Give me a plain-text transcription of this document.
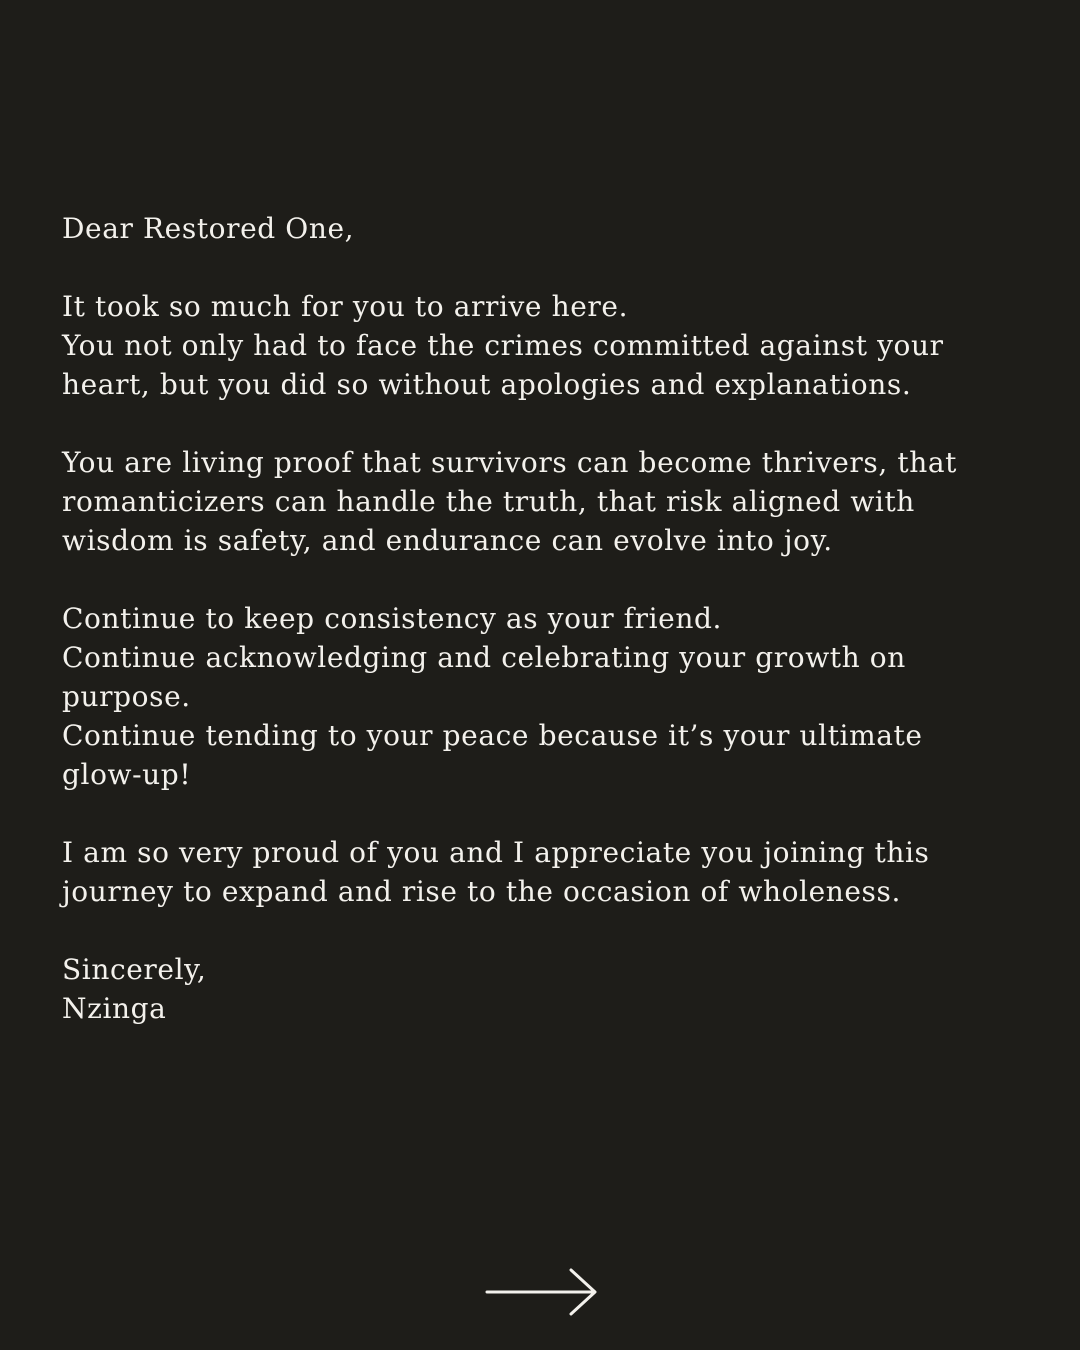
Dear Restored One,
It took so much for you to arrive here.
You not only had to face the crimes committed against your
heart, but you did so without apologies and explanations.
You are living proof that survivors can become thrivers, that
romanticizers can handle the truth, that risk aligned with
wisdom is safety, and endurance can evolve into joy.
Continue to keep consistency as your friend.
Continue acknowledging and celebrating your growth on
purpose.
Continue tending to your peace because it’s your ultimate
glow-up!
I am so very proud of you and I appreciate you joining this
journey to expand and rise to the occasion of wholeness.
Sincerely,
Nzinga
